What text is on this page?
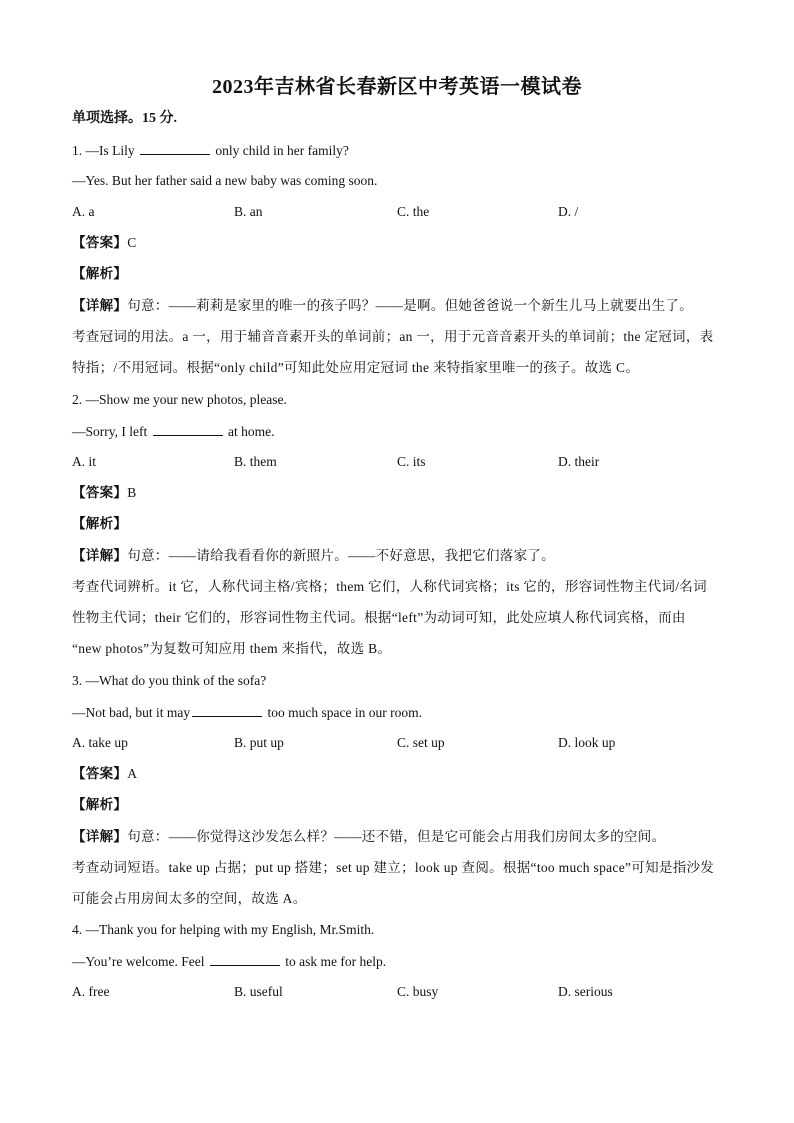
2023年吉林省长春新区中考英语一模试卷
单项选择。15 分.
1. —Is Lily	only child in her family?
—Yes. But her father said a new baby was coming soon.
A. a	B. an	C. the	D. /
【答案】C
【解析】
【详解】句意：——莉莉是家里的唯一的孩子吗？——是啊。但她爸爸说一个新生儿马上就要出生了。
考查冠词的用法。a 一，用于辅音音素开头的单词前；an 一，用于元音音素开头的单词前；the 定冠词，表
特指；/不用冠词。根据“only child”可知此处应用定冠词 the 来特指家里唯一的孩子。故选 C。
2. —Show me your new photos, please.
—Sorry, I left	at home.
A. it	B. them	C. its	D. their
【答案】B
【解析】
【详解】句意：——请给我看看你的新照片。——不好意思，我把它们落家了。
考查代词辨析。it 它，人称代词主格/宾格；them 它们，人称代词宾格；its 它的，形容词性物主代词/名词
性物主代词；their 它们的，形容词性物主代词。根据“left”为动词可知，此处应填人称代词宾格，而由
“new photos”为复数可知应用 them 来指代，故选 B。
3. —What do you think of the sofa?
—Not bad, but it may	too much space in our room.
A. take up	B. put up	C. set up	D. look up
【答案】A
【解析】
【详解】句意：——你觉得这沙发怎么样？——还不错，但是它可能会占用我们房间太多的空间。
考查动词短语。take up 占据；put up 搭建；set up 建立；look up 查阅。根据“too much space”可知是指沙发
可能会占用房间太多的空间，故选 A。
4. —Thank you for helping with my English, Mr.Smith.
—You’re welcome. Feel	to ask me for help.
A. free	B. useful	C. busy	D. serious
